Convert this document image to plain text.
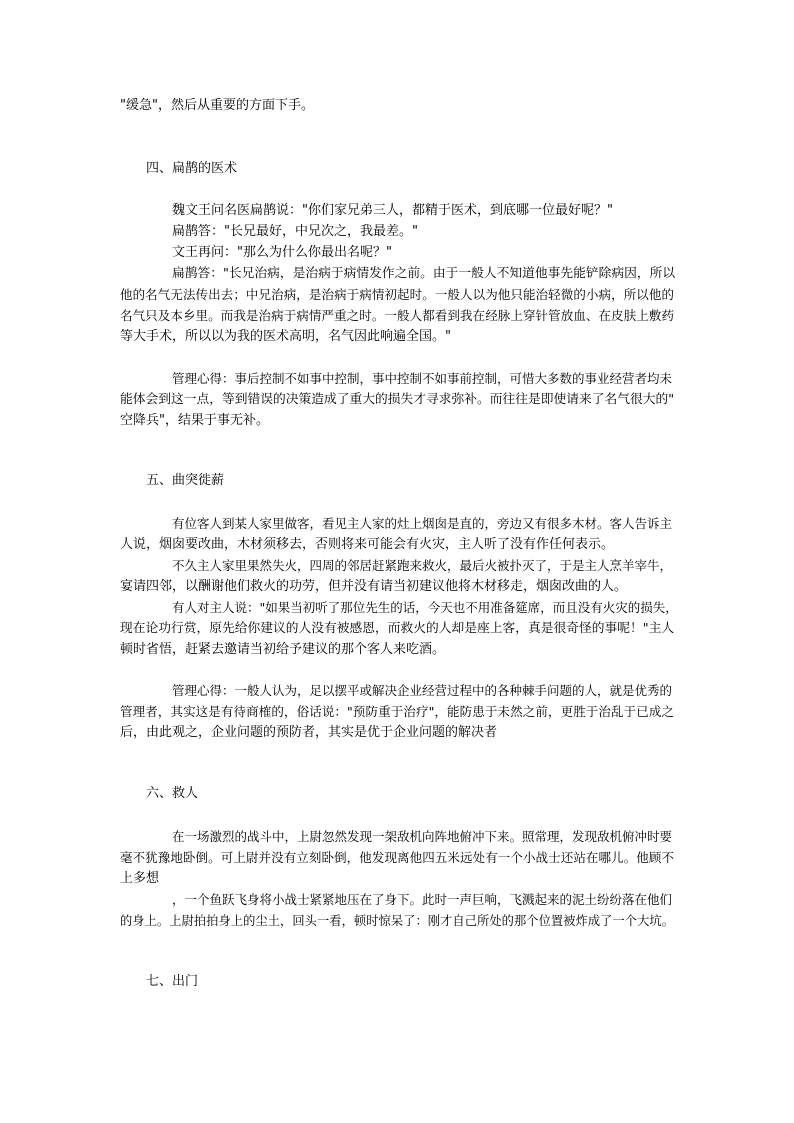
"缓急"，然后从重要的方面下手。
四、扁鹊的医术
魏文王问名医扁鹊说："你们家兄弟三人，都精于医术，到底哪一位最好呢？"
扁鹊答："长兄最好，中兄次之，我最差。"
文王再问："那么为什么你最出名呢？"
扁鹊答："长兄治病，是治病于病情发作之前。由于一般人不知道他事先能铲除病因，所以
他的名气无法传出去；中兄治病，是治病于病情初起时。一般人以为他只能治轻微的小病，所以他的
名气只及本乡里。而我是治病于病情严重之时。一般人都看到我在经脉上穿针管放血、在皮肤上敷药
等大手术，所以以为我的医术高明，名气因此响遍全国。"
管理心得：事后控制不如事中控制，事中控制不如事前控制，可惜大多数的事业经营者均未
能体会到这一点，等到错误的决策造成了重大的损失才寻求弥补。而往往是即使请来了名气很大的"
空降兵"，结果于事无补。
五、曲突徙薪
有位客人到某人家里做客，看见主人家的灶上烟囱是直的，旁边又有很多木材。客人告诉主
人说，烟囱要改曲，木材须移去，否则将来可能会有火灾，主人听了没有作任何表示。
不久主人家里果然失火，四周的邻居赶紧跑来救火，最后火被扑灭了，于是主人烹羊宰牛，
宴请四邻，以酬谢他们救火的功劳，但并没有请当初建议他将木材移走，烟囱改曲的人。
有人对主人说："如果当初听了那位先生的话，今天也不用准备筵席，而且没有火灾的损失，
现在论功行赏，原先给你建议的人没有被感恩，而救火的人却是座上客，真是很奇怪的事呢！"主人
顿时省悟，赶紧去邀请当初给予建议的那个客人来吃酒。
管理心得：一般人认为，足以摆平或解决企业经营过程中的各种棘手问题的人，就是优秀的
管理者，其实这是有待商榷的，俗话说："预防重于治疗"，能防患于未然之前，更胜于治乱于已成之
后，由此观之，企业问题的预防者，其实是优于企业问题的解决者
六、救人
在一场激烈的战斗中，上尉忽然发现一架敌机向阵地俯冲下来。照常理，发现敌机俯冲时要
毫不犹豫地卧倒。可上尉并没有立刻卧倒，他发现离他四五米远处有一个小战士还站在哪儿。他顾不
上多想
，一个鱼跃飞身将小战士紧紧地压在了身下。此时一声巨响，飞溅起来的泥土纷纷落在他们
的身上。上尉拍拍身上的尘土，回头一看，顿时惊呆了：刚才自己所处的那个位置被炸成了一个大坑。
七、出门
